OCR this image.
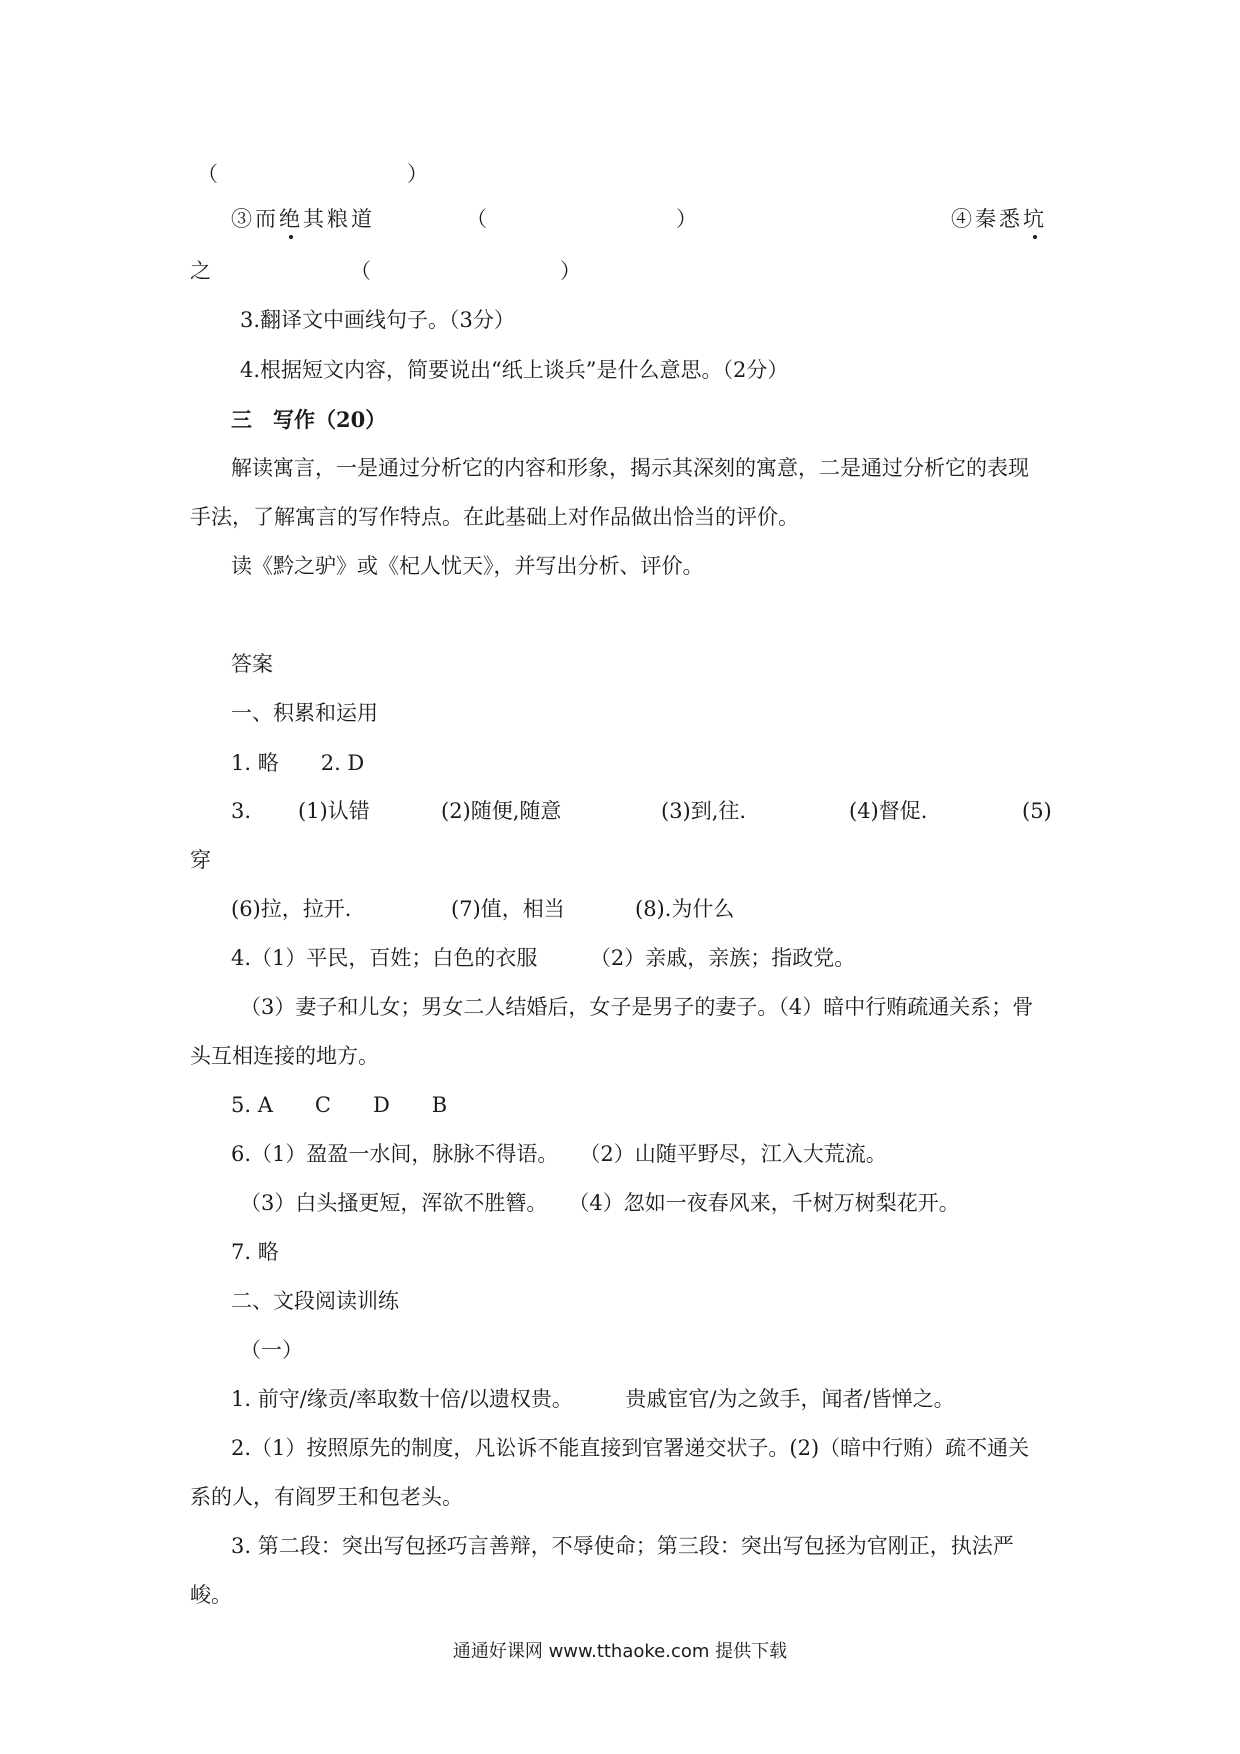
（　　　　　　　　　）
③而绝其粮道	（　　　　　　　　　）	④秦悉坑
之	（　　　　　　　　　）
3.翻译文中画线句子。（3分）
4.根据短文内容，简要说出“纸上谈兵”是什么意思。（2分）
三　写作（20）
解读寓言，一是通过分析它的内容和形象，揭示其深刻的寓意，二是通过分析它的表现
手法，了解寓言的写作特点。在此基础上对作品做出恰当的评价。
读《黔之驴》或《杞人忧天》，并写出分析、评价。
答案
一、积累和运用
1. 略　　2. D
3. (1)认错	(2)随便,随意	(3)到,往.	(4)督促.	(5)
穿
(6)拉，拉开.	(7)值，相当	(8).为什么
4.（1）平民，百姓；白色的衣服　　　（2）亲戚，亲族；指政党。
（3）妻子和儿女；男女二人结婚后，女子是男子的妻子。（4）暗中行贿疏通关系；骨
头互相连接的地方。
5. A　　C　　D　　B
6.（1）盈盈一水间，脉脉不得语。　　（2）山随平野尽，江入大荒流。
（3）白头搔更短，浑欲不胜簪。　　（4）忽如一夜春风来，千树万树梨花开。
7. 略
二、文段阅读训练
（一）
1. 前守/缘贡/率取数十倍/以遗权贵。　　　贵戚宦官/为之敛手，闻者/皆惮之。
2.（1）按照原先的制度，凡讼诉不能直接到官署递交状子。(2)（暗中行贿）疏不通关
系的人，有阎罗王和包老头。
3. 第二段：突出写包拯巧言善辩，不辱使命；第三段：突出写包拯为官刚正，执法严
峻。
通通好课网 www.tthaoke.com 提供下载
